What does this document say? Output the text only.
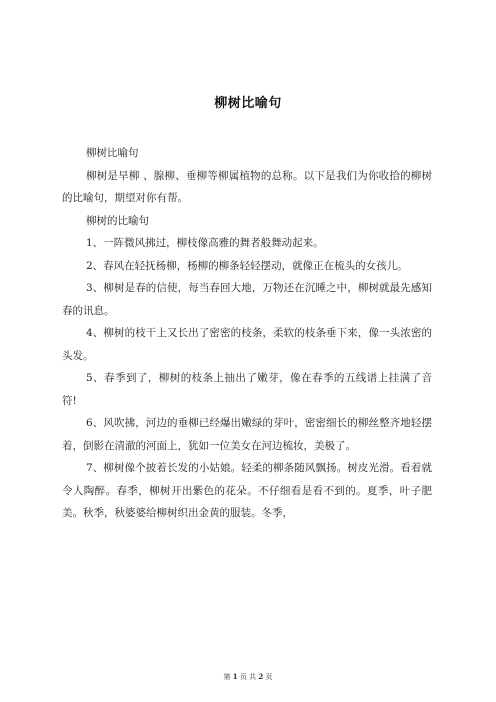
柳树比喻句

柳树比喻句

柳树是旱柳 、腺柳、垂柳等柳属植物的总称。以下是我们为你收拾的柳树的比喻句，期望对你有帮。

柳树的比喻句

1、一阵微风拂过，柳枝像高雅的舞者般舞动起来。

2、春风在轻抚杨柳，杨柳的柳条轻轻摆动，就像正在梳头的女孩儿。

3、柳树是春的信使，每当春回大地，万物还在沉睡之中，柳树就最先感知春的讯息。

4、柳树的枝干上又长出了密密的枝条，柔软的枝条垂下来，像一头浓密的头发。

5、春季到了，柳树的枝条上抽出了嫩芽，像在春季的五线谱上挂满了音符!

6、风吹拂，河边的垂柳已经爆出嫩绿的芽叶，密密细长的柳丝整齐地轻摆着，倒影在清澈的河面上，犹如一位美女在河边梳妆，美极了。

7、柳树像个披着长发的小姑娘。轻柔的柳条随风飘扬。树皮光滑。看着就令人陶醉。春季，柳树开出紫色的花朵。不仔细看是看不到的。夏季，叶子肥美。秋季，秋婆婆给柳树织出金黄的服装。冬季，

第 1 页 共 2 页
